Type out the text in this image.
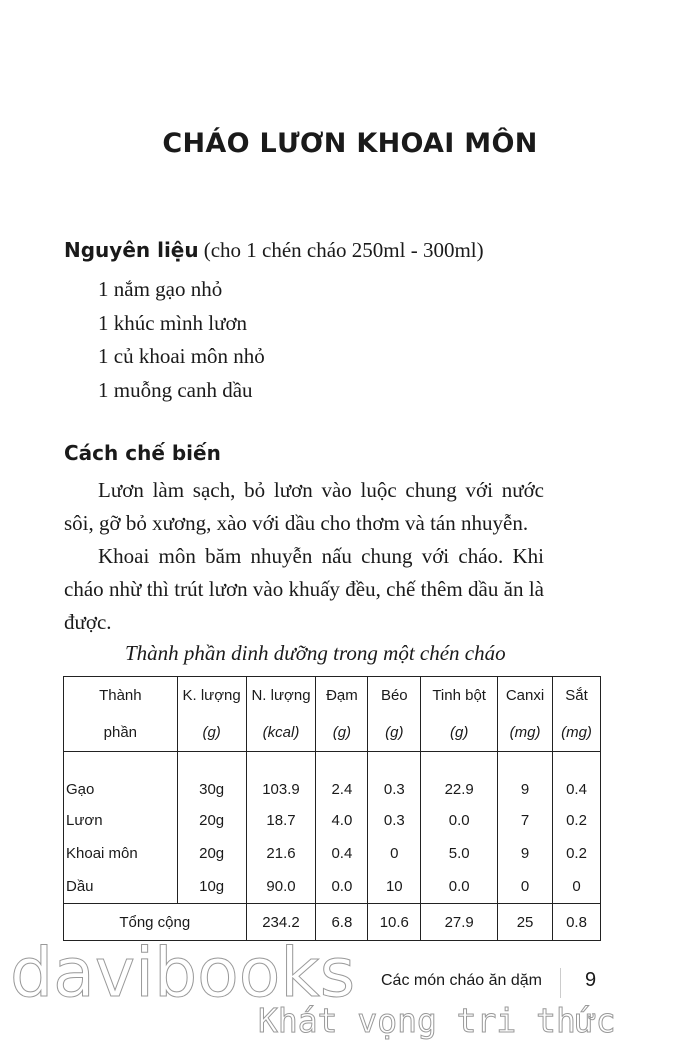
CHÁO LƯƠN KHOAI MÔN
Nguyên liệu (cho 1 chén cháo 250ml - 300ml)
1 nắm gạo nhỏ
1 khúc mình lươn
1 củ khoai môn nhỏ
1 muỗng canh dầu
Cách chế biến
Lươn làm sạch, bỏ lươn vào luộc chung với nước sôi, gỡ bỏ xương, xào với dầu cho thơm và tán nhuyễn.
Khoai môn băm nhuyễn nấu chung với cháo. Khi cháo nhừ thì trút lươn vào khuấy đều, chế thêm dầu ăn là được.
Thành phần dinh dưỡng trong một chén cháo
Thành	K. lượng	N. lượng	Đạm	Béo	Tinh bột	Canxi	Sắt
phần	(g)	(kcal)	(g)	(g)	(g)	(mg)	(mg)
Gạo	30g	103.9	2.4	0.3	22.9	9	0.4
Lươn	20g	18.7	4.0	0.3	0.0	7	0.2
Khoai môn	20g	21.6	0.4	0	5.0	9	0.2
Dầu	10g	90.0	0.0	10	0.0	0	0
Tổng cộng		234.2	6.8	10.6	27.9	25	0.8
davibooks
Khát vọng tri thức
Các món cháo ăn dặm 9
